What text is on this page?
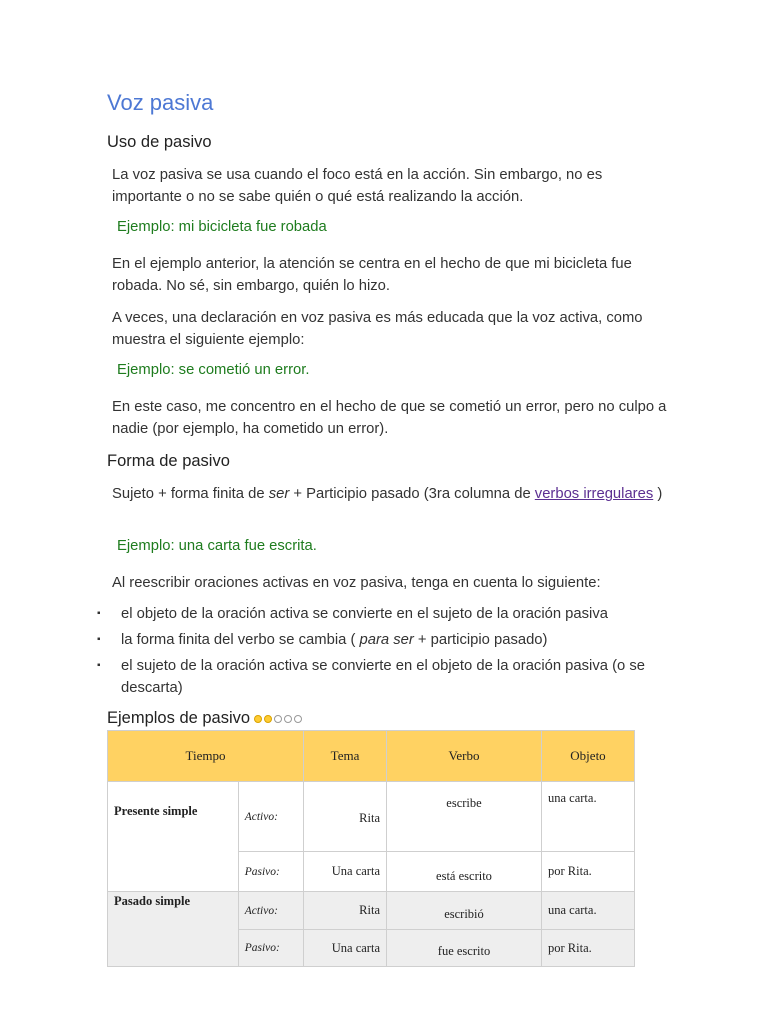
Voz pasiva
Uso de pasivo

La voz pasiva se usa cuando el foco está en la acción. Sin embargo, no es importante o no se sabe quién o qué está realizando la acción.

Ejemplo: mi bicicleta fue robada

En el ejemplo anterior, la atención se centra en el hecho de que mi bicicleta fue robada. No sé, sin embargo, quién lo hizo.

A veces, una declaración en voz pasiva es más educada que la voz activa, como muestra el siguiente ejemplo:

Ejemplo: se cometió un error.

En este caso, me concentro en el hecho de que se cometió un error, pero no culpo a nadie (por ejemplo, ha cometido un error).

Forma de pasivo

Sujeto + forma finita de ser + Participio pasado (3ra columna de verbos irregulares )

Ejemplo: una carta fue escrita.

Al reescribir oraciones activas en voz pasiva, tenga en cuenta lo siguiente:

▪ el objeto de la oración activa se convierte en el sujeto de la oración pasiva
▪ la forma finita del verbo se cambia ( para ser + participio pasado)
▪ el sujeto de la oración activa se convierte en el objeto de la oración pasiva (o se descarta)
Ejemplos de pasivo
Tiempo		Tema	Verbo	Objeto
Presente simple	Activo:	Rita	escribe	una carta.
	Pasivo:	Una carta	está escrito	por Rita.
Pasado simple	Activo:	Rita	escribió	una carta.
	Pasivo:	Una carta	fue escrito	por Rita.
